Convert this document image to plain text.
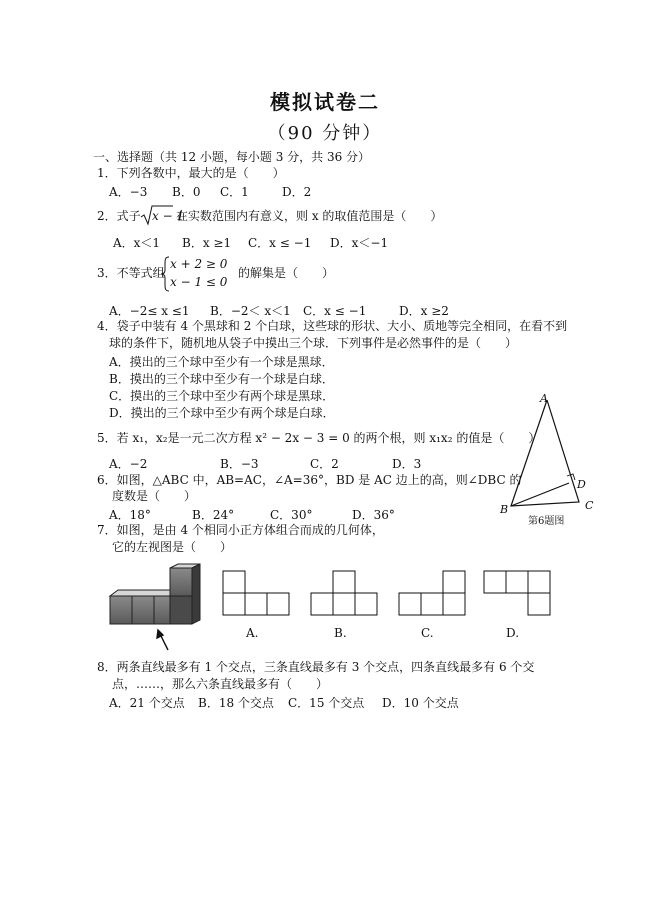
模拟试卷二
（90 分钟）
一、选择题（共 12 小题，每小题 3 分，共 36 分）
1．下列各数中，最大的是（　　）
A．−3 B．0 C．1	D．2
2．式子 x − 1
在实数范围内有意义，则 x 的取值范围是（　　）
A．x＜1 B．x ≥1 C．x ≤ −1 D．x＜−1
3．不等式组
x + 2 ≥ 0
x − 1 ≤ 0
的解集是（　　）
A．−2≤ x ≤1 B．−2＜ x＜1 C．x ≤ −1	D．x ≥2
4．袋子中装有 4 个黑球和 2 个白球，这些球的形状、大小、质地等完全相同，在看不到
球的条件下，随机地从袋子中摸出三个球．下列事件是必然事件的是（　　）
A．摸出的三个球中至少有一个球是黑球．
B．摸出的三个球中至少有一个球是白球．
C．摸出的三个球中至少有两个球是黑球．
D．摸出的三个球中至少有两个球是白球．
5．若 x₁，x₂是一元二次方程 x² − 2x − 3 = 0 的两个根，则 x₁x₂ 的值是（　　）
A．−2	B．−3	C．2	D．3
6．如图，△ABC 中，AB=AC，∠A=36°，BD 是 AC 边上的高，则∠DBC 的
度数是（　　）
A．18°	B．24°	C．30°	D．36°
A
B	C
D
第6题图
7．如图，是由 4 个相同小正方体组合而成的几何体，
它的左视图是（　　）
A.	B.	C.	D.
8．两条直线最多有 1 个交点，三条直线最多有 3 个交点，四条直线最多有 6 个交
点，……，那么六条直线最多有（　　）
A．21 个交点 B．18 个交点 C．15 个交点 D．10 个交点
